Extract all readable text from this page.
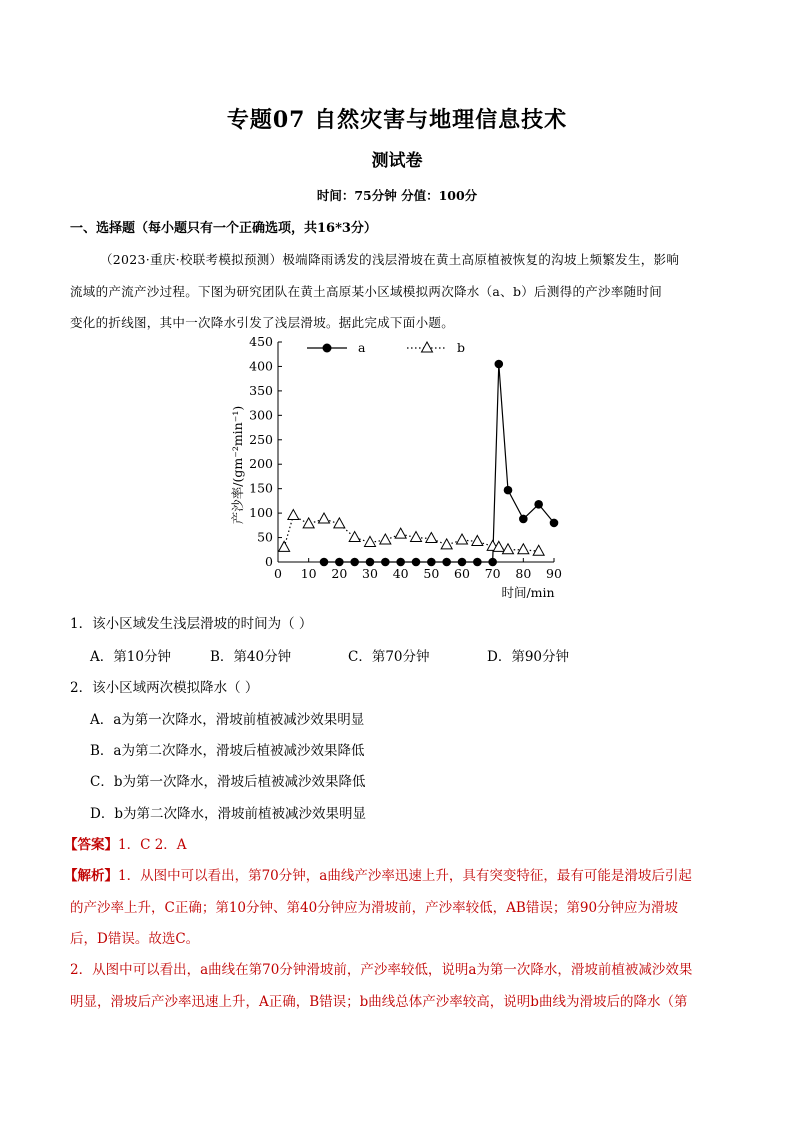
专题07 自然灾害与地理信息技术
测试卷
时间：75分钟 分值：100分
一、选择题（每小题只有一个正确选项，共16*3分）
（2023·重庆·校联考模拟预测）极端降雨诱发的浅层滑坡在黄土高原植被恢复的沟坡上频繁发生，影响
流域的产流产沙过程。下图为研究团队在黄土高原某小区域模拟两次降水（a、b）后测得的产沙率随时间
变化的折线图，其中一次降水引发了浅层滑坡。据此完成下面小题。
0 10 20 30 40 50 60 70 80 90
0
50
100
150
200
250
300
350
400
450	a	b
时间/min
产沙率/(gm⁻²min⁻¹)
1．该小区域发生浅层滑坡的时间为（ ）
A．第10分钟	B．第40分钟	C．第70分钟	D．第90分钟
2．该小区域两次模拟降水（ ）
A．a为第一次降水，滑坡前植被减沙效果明显
B．a为第二次降水，滑坡后植被减沙效果降低
C．b为第一次降水，滑坡后植被减沙效果降低
D．b为第二次降水，滑坡前植被减沙效果明显
【答案】1．C 2．A
【解析】1．从图中可以看出，第70分钟，a曲线产沙率迅速上升，具有突变特征，最有可能是滑坡后引起
的产沙率上升，C正确；第10分钟、第40分钟应为滑坡前，产沙率较低，AB错误；第90分钟应为滑坡
后，D错误。故选C。
2．从图中可以看出，a曲线在第70分钟滑坡前，产沙率较低，说明a为第一次降水，滑坡前植被减沙效果
明显，滑坡后产沙率迅速上升，A正确，B错误；b曲线总体产沙率较高，说明b曲线为滑坡后的降水（第
